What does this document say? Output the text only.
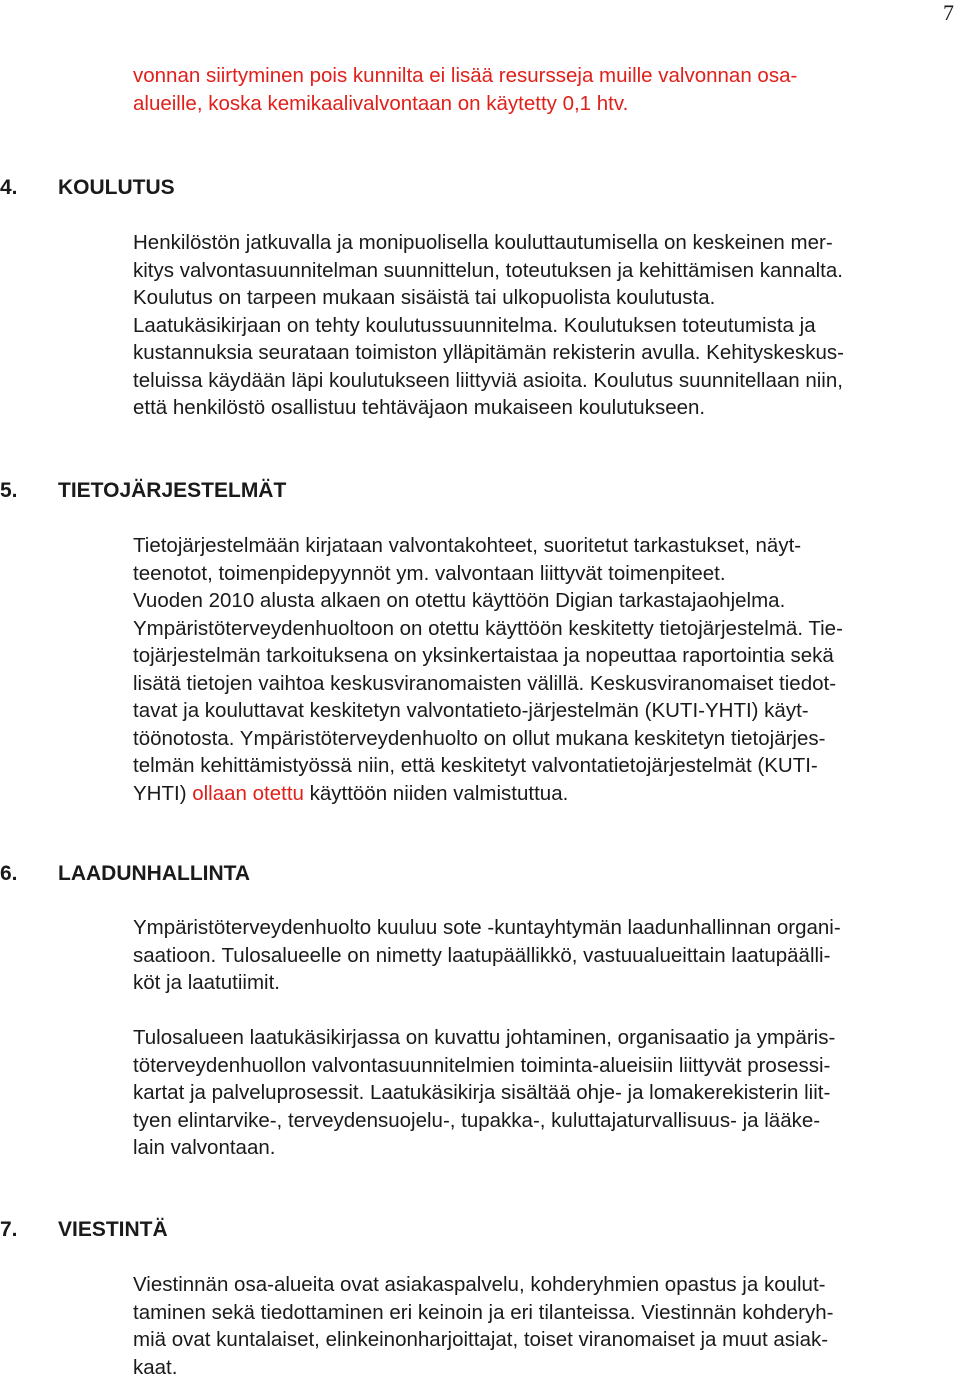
7
vonnan siirtyminen pois kunnilta ei lisää resursseja muille valvonnan osa-
alueille, koska kemikaalivalvontaan on käytetty 0,1 htv.
4. KOULUTUS
Henkilöstön jatkuvalla ja monipuolisella kouluttautumisella on keskeinen mer-
kitys valvontasuunnitelman suunnittelun, toteutuksen ja kehittämisen kannalta.
Koulutus on tarpeen mukaan sisäistä tai ulkopuolista koulutusta.
Laatukäsikirjaan on tehty koulutussuunnitelma. Koulutuksen toteutumista ja
kustannuksia seurataan toimiston ylläpitämän rekisterin avulla. Kehityskeskus-
teluissa käydään läpi koulutukseen liittyviä asioita. Koulutus suunnitellaan niin,
että henkilöstö osallistuu tehtäväjaon mukaiseen koulutukseen.
5. TIETOJÄRJESTELMÄT
Tietojärjestelmään kirjataan valvontakohteet, suoritetut tarkastukset, näyt-
teenotot, toimenpidepyynnöt ym. valvontaan liittyvät toimenpiteet.
Vuoden 2010 alusta alkaen on otettu käyttöön Digian tarkastajaohjelma.
Ympäristöterveydenhuoltoon on otettu käyttöön keskitetty tietojärjestelmä. Tie-
tojärjestelmän tarkoituksena on yksinkertaistaa ja nopeuttaa raportointia sekä
lisätä tietojen vaihtoa keskusviranomaisten välillä. Keskusviranomaiset tiedot-
tavat ja kouluttavat keskitetyn valvontatieto-järjestelmän (KUTI-YHTI) käyt-
töönotosta. Ympäristöterveydenhuolto on ollut mukana keskitetyn tietojärjes-
telmän kehittämistyössä niin, että keskitetyt valvontatietojärjestelmät (KUTI-
YHTI) ollaan otettu käyttöön niiden valmistuttua.
6. LAADUNHALLINTA
Ympäristöterveydenhuolto kuuluu sote -kuntayhtymän laadunhallinnan organi-
saatioon. Tulosalueelle on nimetty laatupäällikkö, vastuualueittain laatupäälli-
köt ja laatutiimit.
Tulosalueen laatukäsikirjassa on kuvattu johtaminen, organisaatio ja ympäris-
töterveydenhuollon valvontasuunnitelmien toiminta-alueisiin liittyvät prosessi-
kartat ja palveluprosessit. Laatukäsikirja sisältää ohje- ja lomakerekisterin liit-
tyen elintarvike-, terveydensuojelu-, tupakka-, kuluttajaturvallisuus- ja lääke-
lain valvontaan.
7. VIESTINTÄ
Viestinnän osa-alueita ovat asiakaspalvelu, kohderyhmien opastus ja koulut-
taminen sekä tiedottaminen eri keinoin ja eri tilanteissa. Viestinnän kohderyh-
miä ovat kuntalaiset, elinkeinonharjoittajat, toiset viranomaiset ja muut asiak-
kaat.
